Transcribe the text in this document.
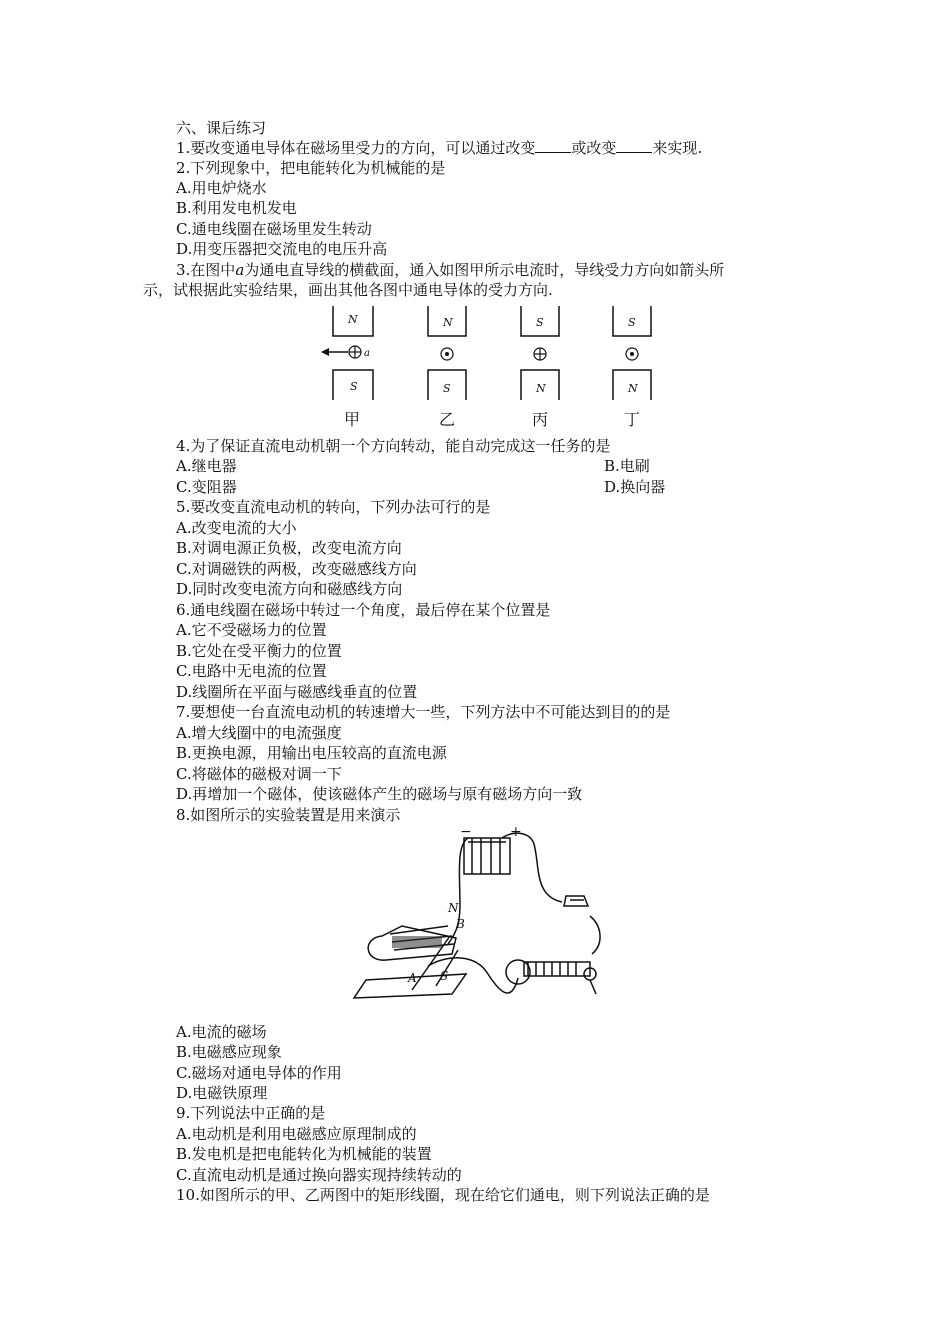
六、课后练习
1.要改变通电导体在磁场里受力的方向，可以通过改变 或改变 来实现.
2.下列现象中，把电能转化为机械能的是
A.用电炉烧水
B.利用发电机发电
C.通电线圈在磁场里发生转动
D.用变压器把交流电的电压升高
3.在图中a为通电直导线的横截面，通入如图甲所示电流时，导线受力方向如箭头所
示，试根据此实验结果，画出其他各图中通电导体的受力方向.
N
S
N
S
S
N
S
N
a
甲	乙	丙	丁
4.为了保证直流电动机朝一个方向转动，能自动完成这一任务的是
A.继电器	B.电刷
C.变阻器	D.换向器
5.要改变直流电动机的转向，下列办法可行的是
A.改变电流的大小
B.对调电源正负极，改变电流方向
C.对调磁铁的两极，改变磁感线方向
D.同时改变电流方向和磁感线方向
6.通电线圈在磁场中转过一个角度，最后停在某个位置是
A.它不受磁场力的位置
B.它处在受平衡力的位置
C.电路中无电流的位置
D.线圈所在平面与磁感线垂直的位置
7.要想使一台直流电动机的转速增大一些，下列方法中不可能达到目的的是
A.增大线圈中的电流强度
B.更换电源，用输出电压较高的直流电源
C.将磁体的磁极对调一下
D.再增加一个磁体，使该磁体产生的磁场与原有磁场方向一致
8.如图所示的实验装置是用来演示
−	+
N
B
A S
A.电流的磁场
B.电磁感应现象
C.磁场对通电导体的作用
D.电磁铁原理
9.下列说法中正确的是
A.电动机是利用电磁感应原理制成的
B.发电机是把电能转化为机械能的装置
C.直流电动机是通过换向器实现持续转动的
10.如图所示的甲、乙两图中的矩形线圈，现在给它们通电，则下列说法正确的是
